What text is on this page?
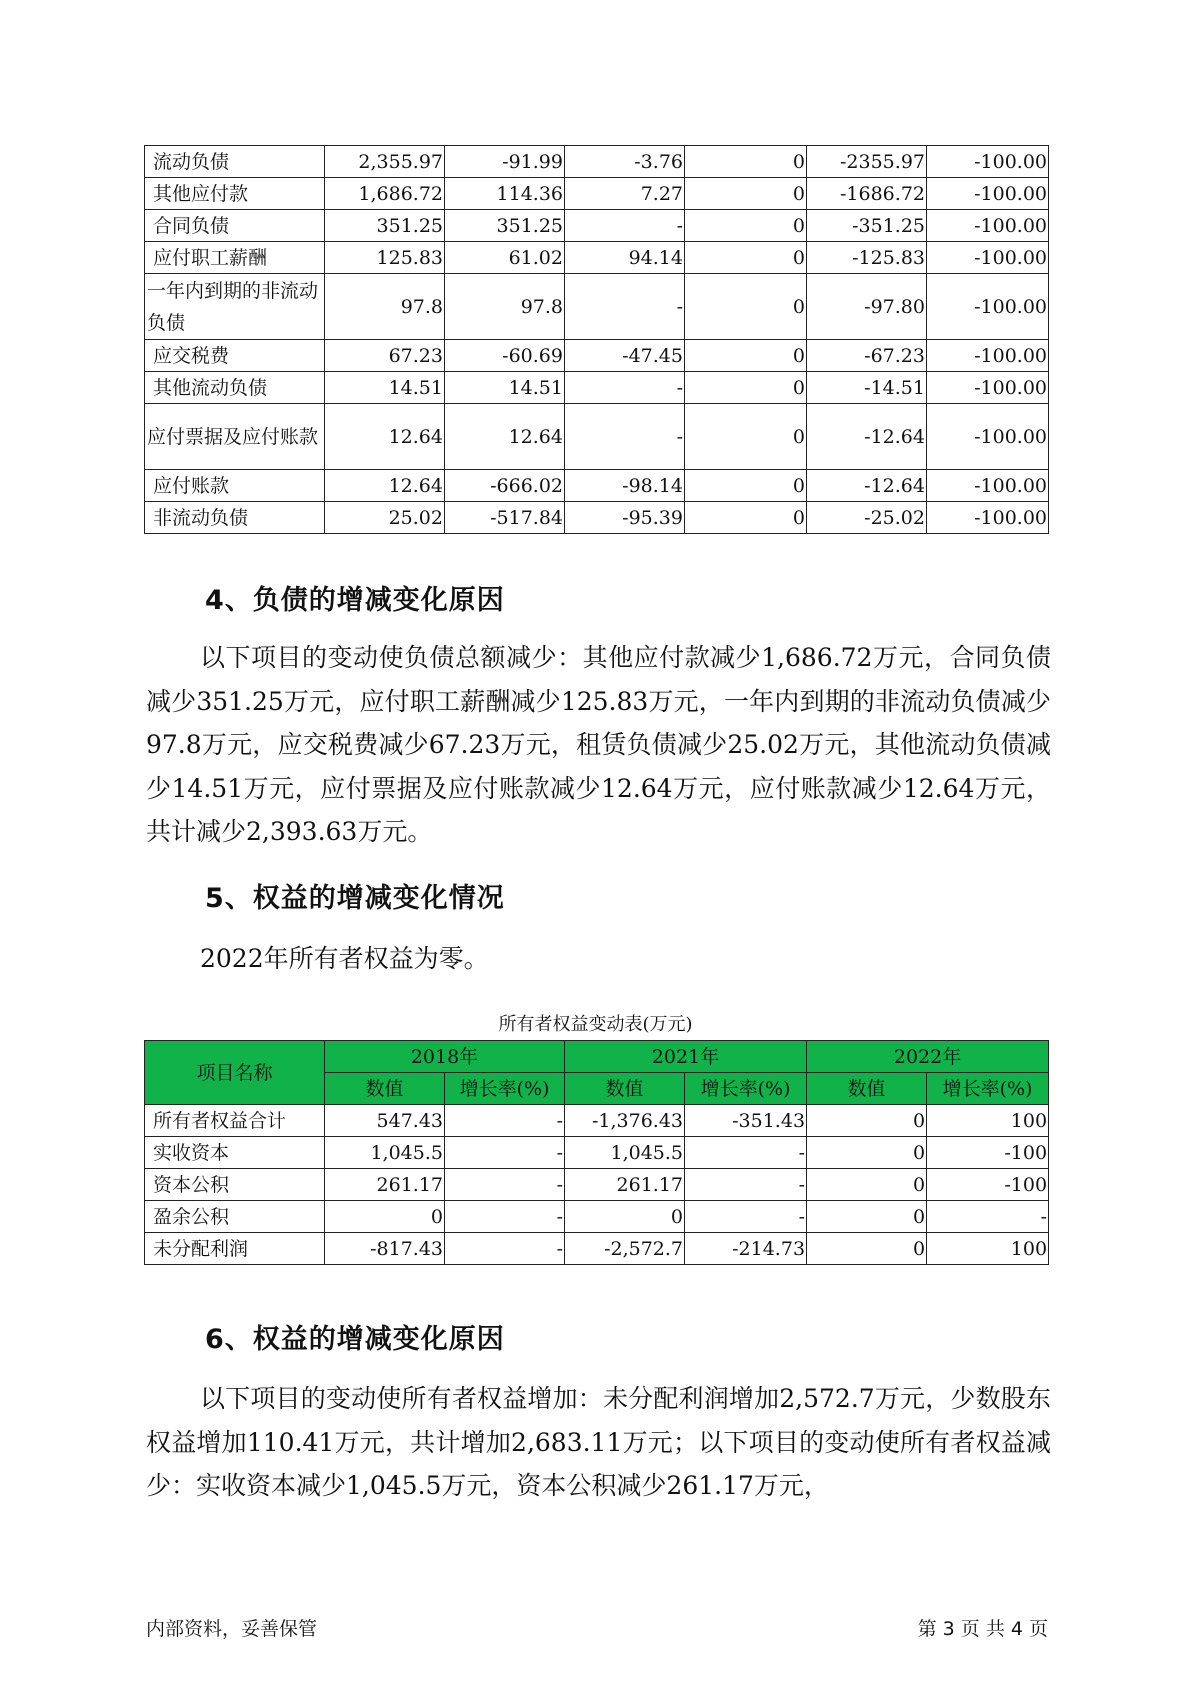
流动负债	2,355.97	-91.99	-3.76	0	-2355.97	-100.00
其他应付款	1,686.72	114.36	7.27	0	-1686.72	-100.00
合同负债	351.25	351.25	-	0	-351.25	-100.00
应付职工薪酬	125.83	61.02	94.14	0	-125.83	-100.00
一年内到期的非流动负债	97.8	97.8	-	0	-97.80	-100.00
应交税费	67.23	-60.69	-47.45	0	-67.23	-100.00
其他流动负债	14.51	14.51	-	0	-14.51	-100.00
应付票据及应付账款	12.64	12.64	-	0	-12.64	-100.00
应付账款	12.64	-666.02	-98.14	0	-12.64	-100.00
非流动负债	25.02	-517.84	-95.39	0	-25.02	-100.00
4、负债的增减变化原因

以下项目的变动使负债总额减少：其他应付款减少1,686.72万元，合同负债减少351.25万元，应付职工薪酬减少125.83万元，一年内到期的非流动负债减少97.8万元，应交税费减少67.23万元，租赁负债减少25.02万元，其他流动负债减少14.51万元，应付票据及应付账款减少12.64万元，应付账款减少12.64万元，共计减少2,393.63万元。

5、权益的增减变化情况

2022年所有者权益为零。

所有者权益变动表(万元)
项目名称	2018年		2021年		2022年	
	数值	增长率(%)	数值	增长率(%)	数值	增长率(%)
所有者权益合计	547.43	-	-1,376.43	-351.43	0	100
实收资本	1,045.5	-	1,045.5	-	0	-100
资本公积	261.17	-	261.17	-	0	-100
盈余公积	0	-	0	-	0	-
未分配利润	-817.43	-	-2,572.7	-214.73	0	100
6、权益的增减变化原因

以下项目的变动使所有者权益增加：未分配利润增加2,572.7万元，少数股东权益增加110.41万元，共计增加2,683.11万元；以下项目的变动使所有者权益减少：实收资本减少1,045.5万元，资本公积减少261.17万元，

内部资料，妥善保管	第 3 页 共 4 页
